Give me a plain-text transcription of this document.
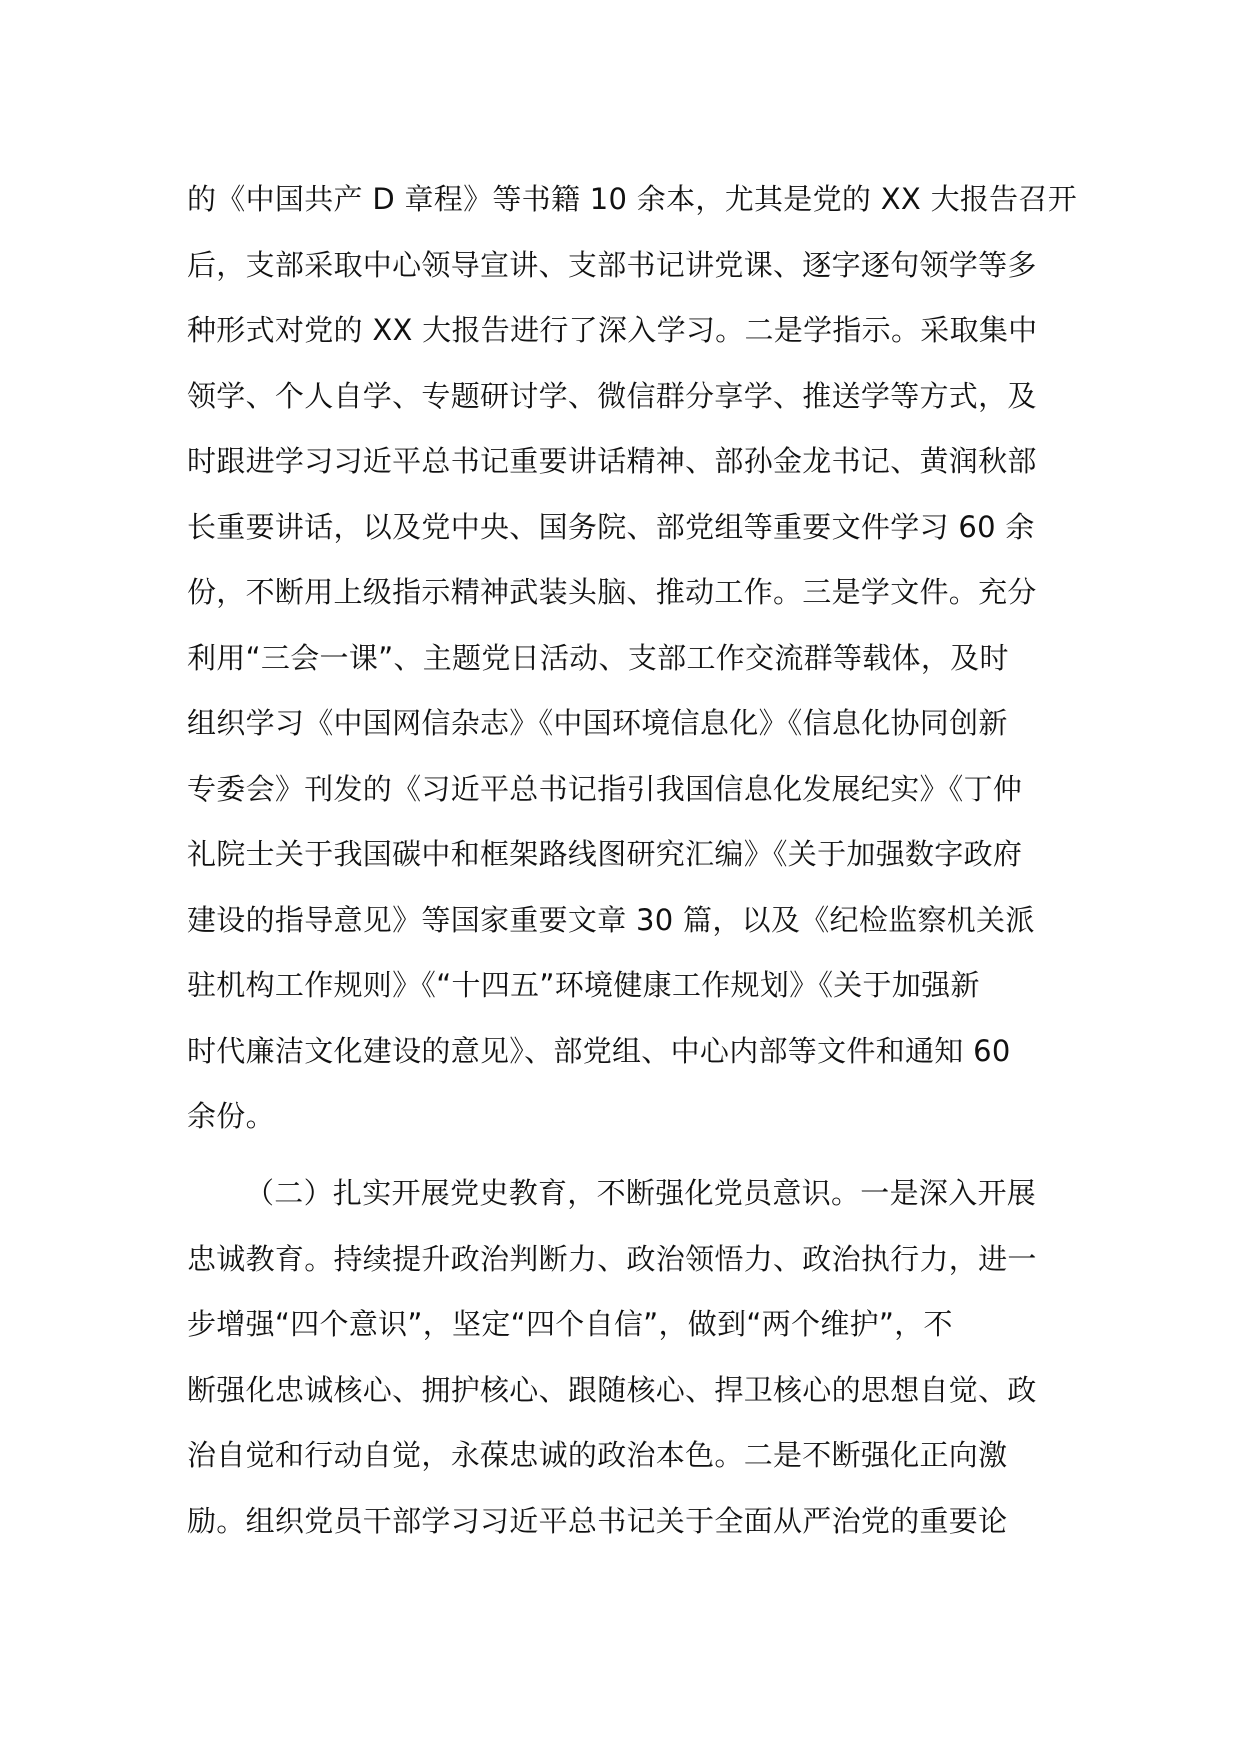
的《中国共产 D 章程》等书籍 10 余本，尤其是党的 XX 大报告召开
后，支部采取中心领导宣讲、支部书记讲党课、逐字逐句领学等多
种形式对党的 XX 大报告进行了深入学习。二是学指示。采取集中
领学、个人自学、专题研讨学、微信群分享学、推送学等方式，及
时跟进学习习近平总书记重要讲话精神、部孙金龙书记、黄润秋部
长重要讲话，以及党中央、国务院、部党组等重要文件学习 60 余
份，不断用上级指示精神武装头脑、推动工作。三是学文件。充分
利用“三会一课”、主题党日活动、支部工作交流群等载体，及时
组织学习《中国网信杂志》《中国环境信息化》《信息化协同创新
专委会》刊发的《习近平总书记指引我国信息化发展纪实》《丁仲
礼院士关于我国碳中和框架路线图研究汇编》《关于加强数字政府
建设的指导意见》等国家重要文章 30 篇，以及《纪检监察机关派
驻机构工作规则》《“十四五”环境健康工作规划》《关于加强新
时代廉洁文化建设的意见》、部党组、中心内部等文件和通知 60
余份。
（二）扎实开展党史教育，不断强化党员意识。一是深入开展
忠诚教育。持续提升政治判断力、政治领悟力、政治执行力，进一
步增强“四个意识”，坚定“四个自信”，做到“两个维护”，不
断强化忠诚核心、拥护核心、跟随核心、捍卫核心的思想自觉、政
治自觉和行动自觉，永葆忠诚的政治本色。二是不断强化正向激
励。组织党员干部学习习近平总书记关于全面从严治党的重要论
